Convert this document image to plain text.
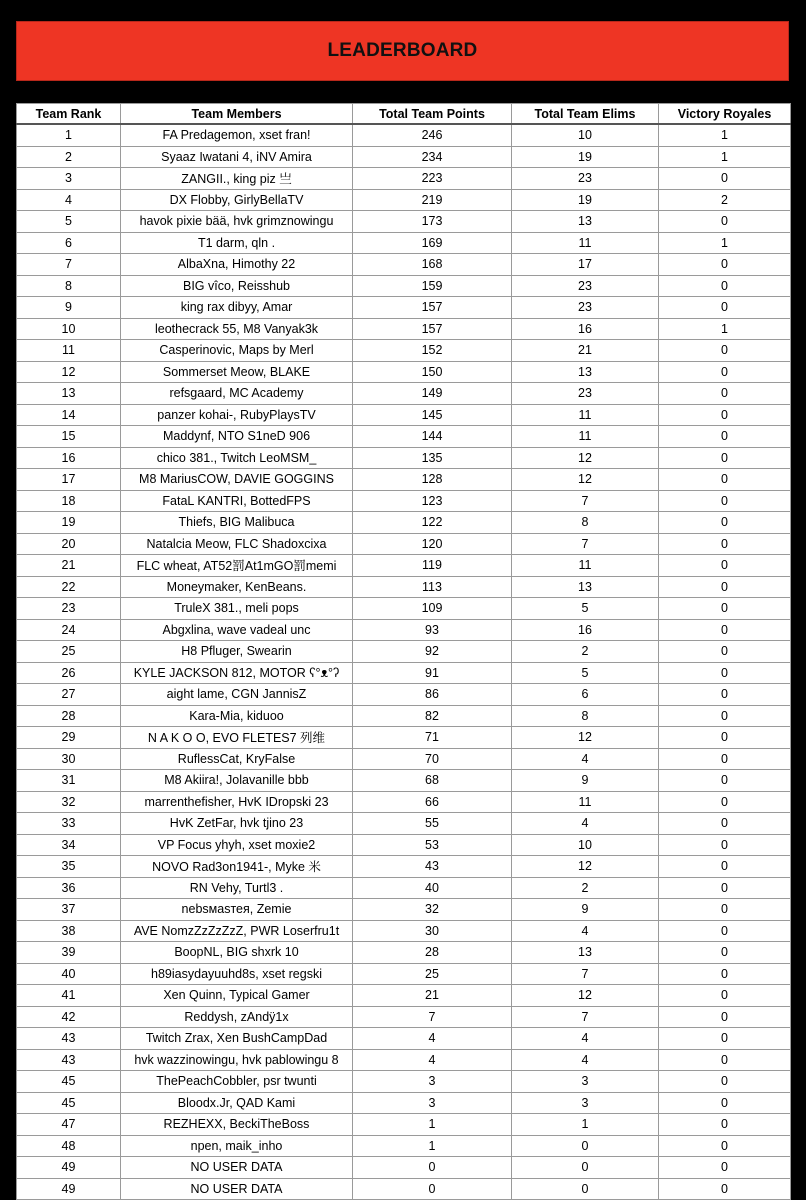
LEADERBOARD
Team Rank	Team Members	Total Team Points	Total Team Elims	Victory Royales
1	FA Predagemon, xset fran!	246	10	1
2	Syaaz Iwatani 4, iNV Amira	234	19	1
3	ZANGII., king piz 亗	223	23	0
4	DX Flobby, GirlyBellaTV	219	19	2
5	havok pixie bää, hvk grimznowingu	173	13	0
6	T1 darm, qln .	169	11	1
7	AlbaXna, Himothy 22	168	17	0
8	BIG vîco, Reisshub	159	23	0
9	king rax dibyy, Amar	157	23	0
10	leothecrack 55, M8 Vanyak3k	157	16	1
11	Casperinovic, Maps by Merl	152	21	0
12	Sommerset Meow, BLAKE	150	13	0
13	refsgaard, MC Academy	149	23	0
14	panzer kohai-, RubyPlaysTV	145	11	0
15	Maddynf, NTO S1neD 906	144	11	0
16	chico 381., Twitch LeoMSM_	135	12	0
17	M8 MariusCOW, DAVIE GOGGINS	128	12	0
18	FataL KANTRI, BottedFPS	123	7	0
19	Thiefs, BIG Malibuca	122	8	0
20	Natalcia Meow, FLC Shadoxcixa	120	7	0
21	FLC wheat, AT52罰At1mGO罰memi	119	11	0
22	Moneymaker, KenBeans.	113	13	0
23	TruleX 381., meli pops	109	5	0
24	Abgxlina, wave vadeal unc	93	16	0
25	H8 Pfluger, Swearin	92	2	0
26	KYLE JACKSON 812, MOTOR ʕ°ᴥ°ʔ	91	5	0
27	aight lame, CGN JannisZ	86	6	0
28	Kara-Mia, kiduoo	82	8	0
29	N A K O O, EVO FLETES7 列维	71	12	0
30	RuflessCat, KryFalse	70	4	0
31	M8 Akiira!, Jolavanille bbb	68	9	0
32	marrenthefisher, HvK IDropski 23	66	11	0
33	HvK ZetFar, hvk tjino 23	55	4	0
34	VP Focus yhyh, xset moxie2	53	10	0
35	NOVO Rad3on1941-, Myke 米	43	12	0
36	RN Vehy, Turtl3 .	40	2	0
37	nebsмasтея, Zemie	32	9	0
38	AVE NomzZzZzZzZ, PWR Loserfru1t	30	4	0
39	BoopNL, BIG shxrk 10	28	13	0
40	h89iasydayuuhd8s, xset regski	25	7	0
41	Xen Quinn, Typical Gamer	21	12	0
42	Reddysh, zAndÿ1x	7	7	0
43	Twitch Zrax, Xen BushCampDad	4	4	0
43	hvk wazzinowingu, hvk pablowingu 8	4	4	0
45	ThePeachCobbler, psr twunti	3	3	0
45	Bloodx.Jr, QAD Kami	3	3	0
47	REZHEXX, BeckiTheBoss	1	1	0
48	npen, maik_inho	1	0	0
49	NO USER DATA	0	0	0
49	NO USER DATA	0	0	0
